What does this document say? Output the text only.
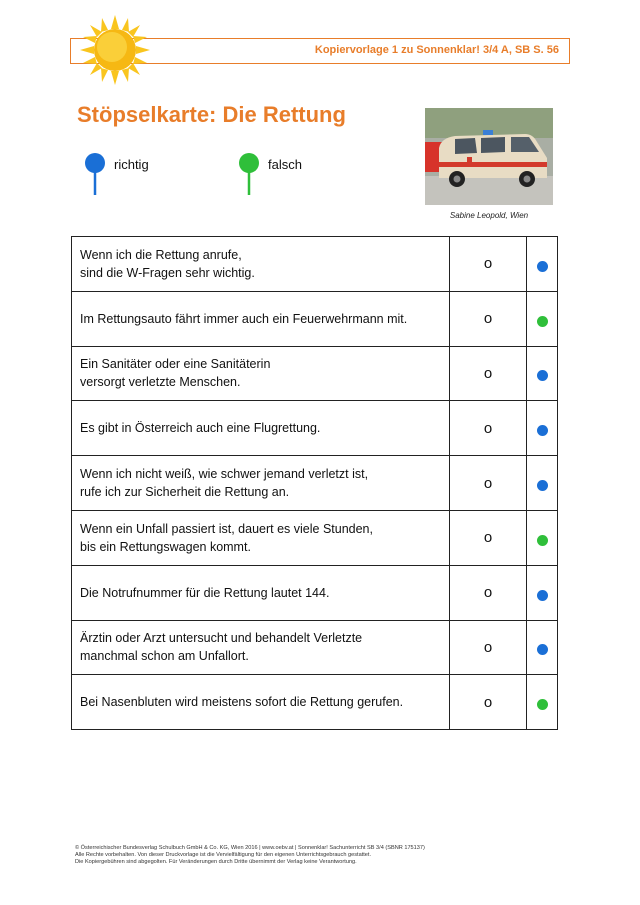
Kopiervorlage 1 zu Sonnenklar! 3/4 A, SB S. 56
Stöpselkarte: Die Rettung
richtig	falsch
Sabine Leopold, Wien
Wenn ich die Rettung anrufe,
sind die W-Fragen sehr wichtig.	o	
Im Rettungsauto fährt immer auch ein Feuerwehrmann mit.	o	
Ein Sanitäter oder eine Sanitäterin
versorgt verletzte Menschen.	o	
Es gibt in Österreich auch eine Flugrettung.	o	
Wenn ich nicht weiß, wie schwer jemand verletzt ist,
rufe ich zur Sicherheit die Rettung an.	o	
Wenn ein Unfall passiert ist, dauert es viele Stunden,
bis ein Rettungswagen kommt.	o	
Die Notrufnummer für die Rettung lautet 144.	o	
Ärztin oder Arzt untersucht und behandelt Verletzte
manchmal schon am Unfallort.	o	
Bei Nasenbluten wird meistens sofort die Rettung gerufen.	o	
© Österreichischer Bundesverlag Schulbuch GmbH & Co. KG, Wien 2016 | www.oebv.at | Sonnenklar! Sachunterricht SB 3/4 (SBNR 175137)
Alle Rechte vorbehalten. Von dieser Druckvorlage ist die Vervielfältigung für den eigenen Unterrichtsgebrauch gestattet.
Die Kopiergebühren sind abgegolten. Für Veränderungen durch Dritte übernimmt der Verlag keine Verantwortung.
